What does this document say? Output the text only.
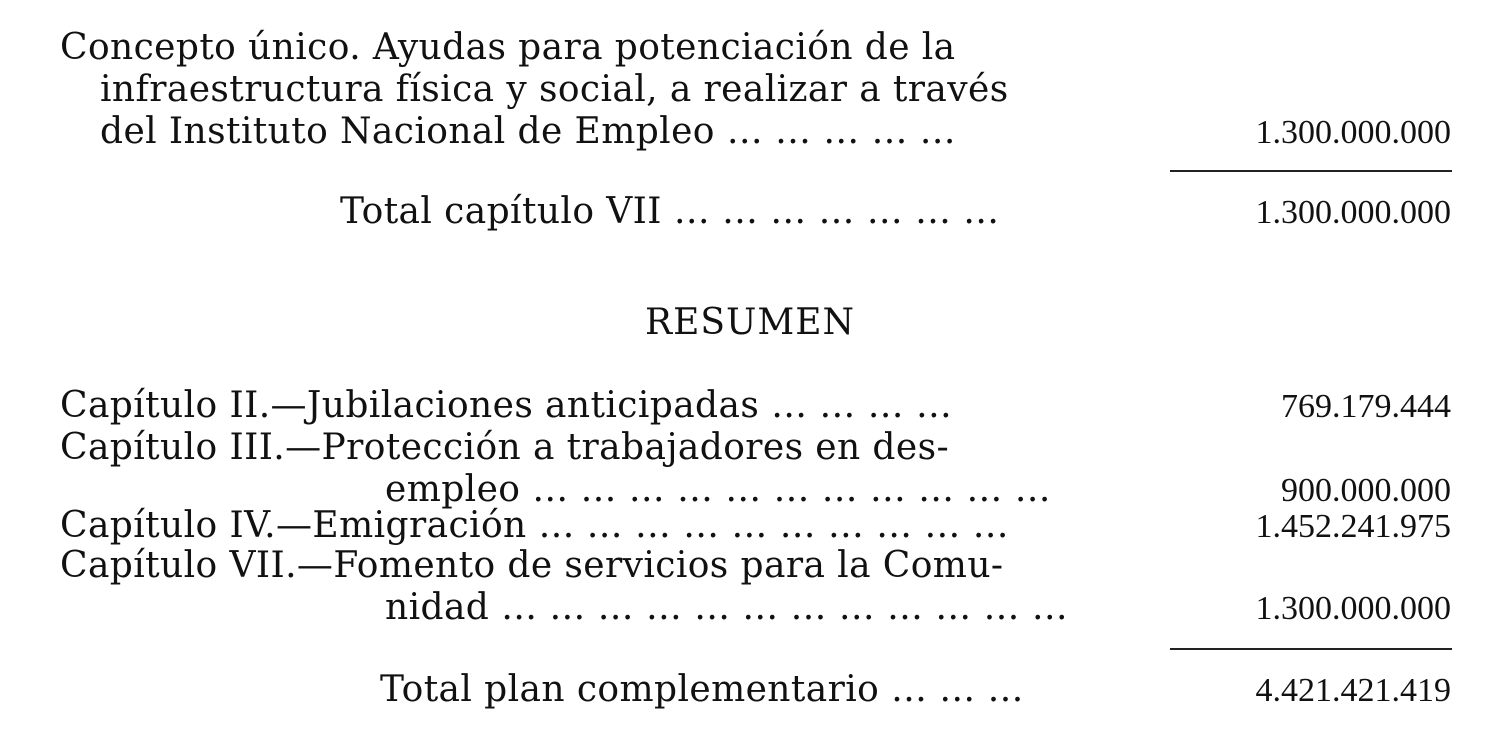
Concepto único. Ayudas para potenciación de la
infraestructura física y social, a realizar a través
del Instituto Nacional de Empleo … … … … …	1.300.000.000
Total capítulo VII … … … … … … …	1.300.000.000
RESUMEN
Capítulo II.—Jubilaciones anticipadas … … … …	769.179.444
Capítulo III.—Protección a trabajadores en des-
empleo … … … … … … … … … … …	900.000.000
Capítulo IV.—Emigración … … … … … … … … … …	1.452.241.975
Capítulo VII.—Fomento de servicios para la Comu-
nidad … … … … … … … … … … … …	1.300.000.000
Total plan complementario … … …	4.421.421.419
